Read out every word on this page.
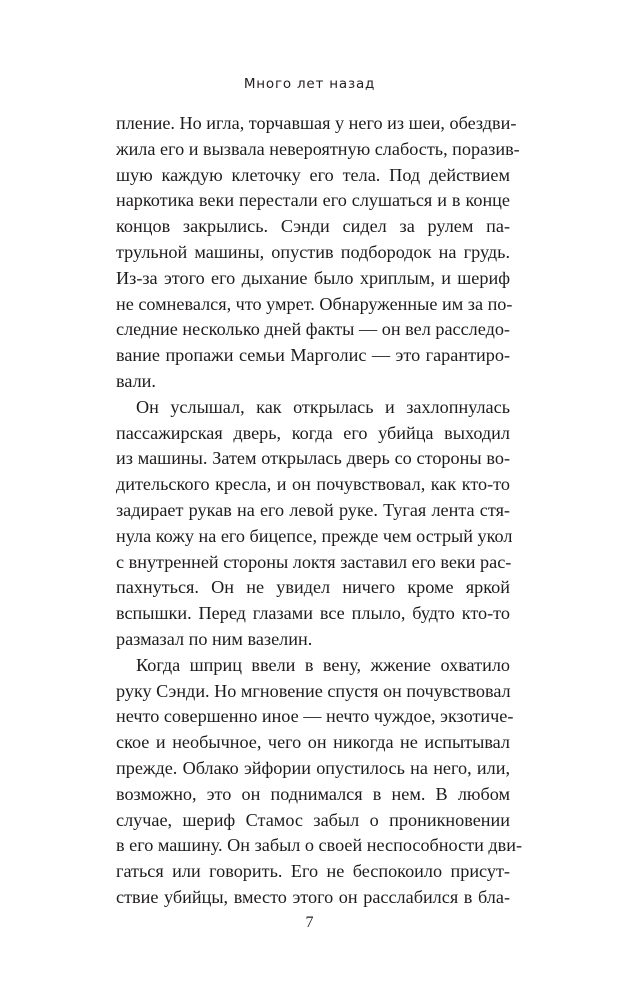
Много лет назад
пление. Но игла, торчавшая у него из шеи, обездви-
жила его и вызвала невероятную слабость, поразив-
шую каждую клеточку его тела. Под действием
наркотика веки перестали его слушаться и в конце
концов закрылись. Сэнди сидел за рулем па-
трульной машины, опустив подбородок на грудь.
Из-за этого его дыхание было хриплым, и шериф
не сомневался, что умрет. Обнаруженные им за по-
следние несколько дней факты — он вел расследо-
вание пропажи семьи Марголис — это гарантиро-
вали.
Он услышал, как открылась и захлопнулась
пассажирская дверь, когда его убийца выходил
из машины. Затем открылась дверь со стороны во-
дительского кресла, и он почувствовал, как кто-то
задирает рукав на его левой руке. Тугая лента стя-
нула кожу на его бицепсе, прежде чем острый укол
с внутренней стороны локтя заставил его веки рас-
пахнуться. Он не увидел ничего кроме яркой
вспышки. Перед глазами все плыло, будто кто-то
размазал по ним вазелин.
Когда шприц ввели в вену, жжение охватило
руку Сэнди. Но мгновение спустя он почувствовал
нечто совершенно иное — нечто чуждое, экзотиче-
ское и необычное, чего он никогда не испытывал
прежде. Облако эйфории опустилось на него, или,
возможно, это он поднимался в нем. В любом
случае, шериф Стамос забыл о проникновении
в его машину. Он забыл о своей неспособности дви-
гаться или говорить. Его не беспокоило присут-
ствие убийцы, вместо этого он расслабился в бла-
7
